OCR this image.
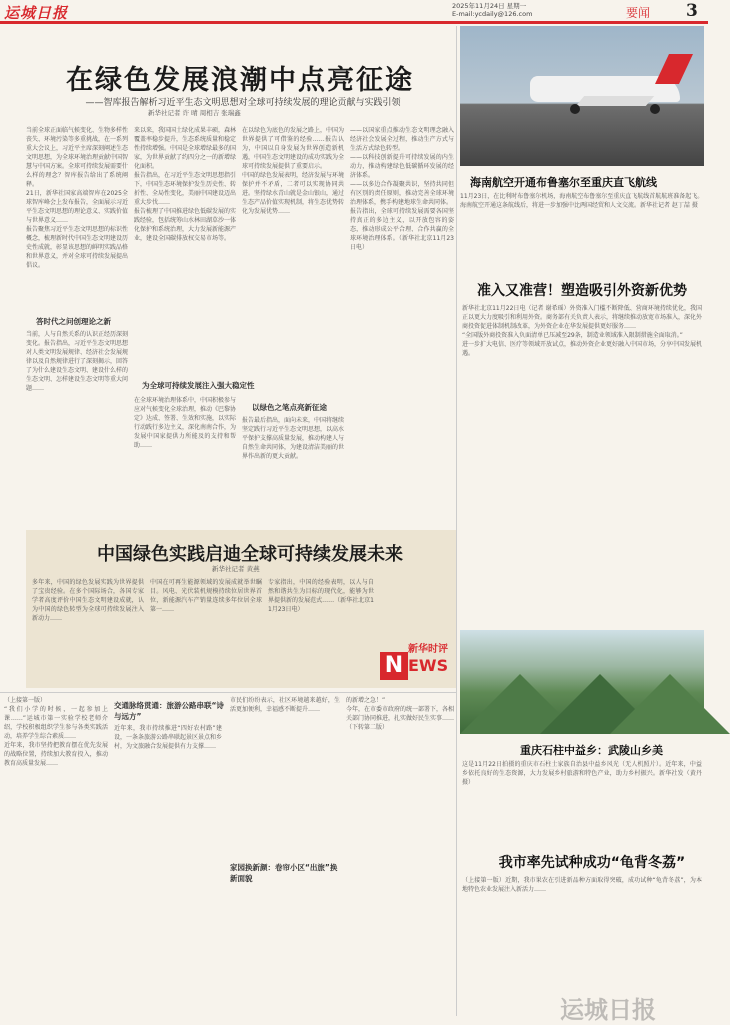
运城日报	2025年11月24日 星期一
E-mail:ycdaily@126.com	要闻 3
在绿色发展浪潮中点亮征途
——智库报告解析习近平生态文明思想对全球可持续发展的理论贡献与实践引领
新华社记者 许 晴 周相吉 张瑞鑫
当前全球正面临气候变化、生物多样性丧失、环境污染等多重挑战，在一系列重大会议上，习近平主席深刻阐述生态文明思想，为全球环境治理贡献中国智慧与中国方案。全球可持续发展需要什么样的理念？智库报告给出了系统阐释。
21日，新华社国家高端智库在2025全球智库峰会上发布报告，全面展示习近平生态文明思想的理论意义、实践价值与世界意义……
报告聚焦习近平生态文明思想的标识性概念，梳理新时代中国生态文明建设历史性成就，彰显该思想的鲜明实践品格和世界意义，并对全球可持续发展提出倡议。
答时代之问创理论之新
当前，人与自然关系的认识正经历深刻变化。报告指出，习近平生态文明思想对人类文明发展规律、经济社会发展规律以及自然规律进行了深刻揭示，回答了为什么建设生态文明、建设什么样的生态文明、怎样建设生态文明等重大问题……
来以来，我国国土绿化成果丰硕，森林覆盖率稳步提升，生态系统质量和稳定性持续增强。中国是全球增绿最多的国家，为世界贡献了约四分之一的新增绿化面积。
报告指出，在习近平生态文明思想指引下，中国生态环境保护发生历史性、转折性、全局性变化，美丽中国建设迈出重大步伐……
报告梳理了中国推进绿色低碳发展的实践经验，包括统筹山水林田湖草沙一体化保护和系统治理，大力发展新能源产业，建设全国碳排放权交易市场等。
为全球可持续发展注入强大稳定性
在全球环境治理体系中，中国积极参与应对气候变化全球治理，推动《巴黎协定》达成、签署、生效和实施，以实际行动践行多边主义，深化南南合作，为发展中国家提供力所能及的支持和帮助……
在以绿色为底色的发展之路上，中国为世界提供了可借鉴的经验……报告认为，中国以自身发展为世界创造新机遇，中国生态文明建设的成功实践为全球可持续发展提供了重要启示。
中国的绿色发展表明，经济发展与环境保护并不矛盾，二者可以实现协同共进。坚持绿水青山就是金山银山，通过生态产品价值实现机制，将生态优势转化为发展优势……
以绿色之笔点亮新征途
报告最后指出，面向未来，中国将继续坚定践行习近平生态文明思想，以高水平保护支撑高质量发展，推动构建人与自然生命共同体，为建设清洁美丽的世界作出新的更大贡献。
——以国家重点推动生态文明理念融入经济社会发展全过程，推动生产方式与生活方式绿色转型。
——以科技创新提升可持续发展的内生动力，推动构建绿色低碳循环发展的经济体系。
——以多边合作凝聚共识，坚持共同但有区别的责任原则，推动完善全球环境治理体系，携手构建地球生命共同体。
报告指出，全球可持续发展需要各国坚持真正的多边主义，以开放包容的姿态，推动形成公平合理、合作共赢的全球环境治理体系。（新华社北京11月23日电）
中国绿色实践启迪全球可持续发展未来
新华社记者 黄燕
多年来，中国的绿色发展实践为世界提供了宝贵经验。在多个国际场合，各国专家学者高度评价中国生态文明建设成就，认为中国的绿色转型为全球可持续发展注入新动力……
中国在可再生能源领域的发展成就举世瞩目。风电、光伏装机规模持续位居世界首位，新能源汽车产销量连续多年位居全球第一……
专家指出，中国的经验表明，以人与自然和谐共生为目标的现代化，能够为世界提供新的发展范式……（新华社北京11月23日电）
N
新华时评
EWS
（上接第一版）
“我们小学的时候，一起参加上课……”运城市第一实验学校老师介绍，学校积极组织学生参与各类实践活动，培养学生综合素质……
近年来，我市坚持把教育摆在优先发展的战略位置，持续加大教育投入，推动教育高质量发展……
交通脉络贯通：旅游公路串联“诗与远方”
近年来，我市持续推进“四好农村路”建设，一条条旅游公路串联起景区景点和乡村，为文旅融合发展提供有力支撑……
家园换新颜：卷帘小区“出旅”换新面貌
市民们纷纷表示，社区环境越来越好，生活更加便利，幸福感不断提升……
的新增之急！”
今年，在市委市政府的统一部署下，各相关部门协同推进，扎实做好民生实事……（下转第二版）
海南航空开通布鲁塞尔至重庆直飞航线
11月23日，在比利时布鲁塞尔机场，海南航空布鲁塞尔至重庆直飞航线首航航班准备起飞。海南航空开通这条航线后，将进一步加强中比两国经贸和人文交流。新华社记者 赵丁喆 摄
准入又准营！塑造吸引外资新优势
新华社北京11月22日电（记者 谢希瑶）外资准入门槛不断降低、营商环境持续优化，我国正以更大力度吸引和利用外资。商务部有关负责人表示，将继续推动放宽市场准入，深化外商投资促进体制机制改革，为外资企业在华发展提供更好服务……
“全国版外商投资准入负面清单已压减至29条，制造业领域准入限制措施全面取消。”
进一步扩大电信、医疗等领域开放试点，推动外资企业更好融入中国市场，分享中国发展机遇。
重庆石柱中益乡：武陵山乡美
这是11月22日拍摄的重庆市石柱土家族自治县中益乡风光（无人机照片）。近年来，中益乡依托良好的生态资源，大力发展乡村旅游和特色产业，助力乡村振兴。新华社发（黄丹 摄）
我市率先试种成功“龟背冬荔”
（上接第一版）近期，我市果农在引进新品种方面取得突破，成功试种“龟背冬荔”，为本地特色农业发展注入新活力……
运城日报
